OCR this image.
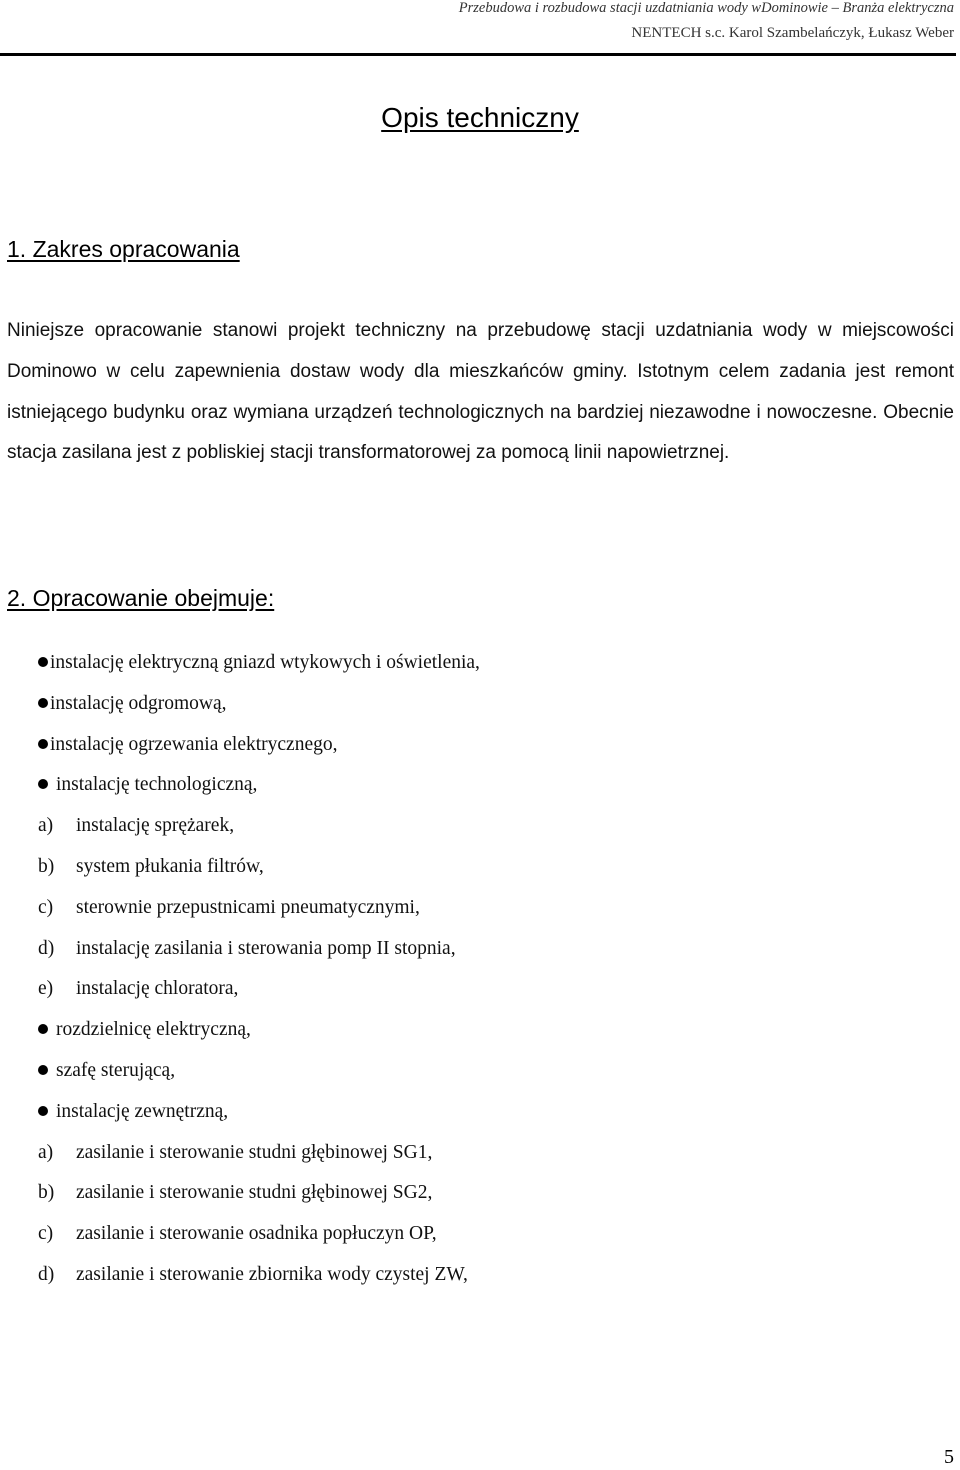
Przebudowa i rozbudowa stacji uzdatniania wody wDominowie – Branża elektryczna
NENTECH s.c. Karol Szambelańczyk, Łukasz Weber
Opis techniczny
1. Zakres opracowania

Niniejsze opracowanie stanowi projekt techniczny na przebudowę stacji uzdatniania wody w miejscowości Dominowo w celu zapewnienia dostaw wody dla mieszkańców gminy. Istotnym celem zadania jest remont istniejącego budynku oraz wymiana urządzeń technologicznych na bardziej niezawodne i nowoczesne. Obecnie stacja zasilana jest z pobliskiej stacji transformatorowej za pomocą linii napowietrznej.

2. Opracowanie obejmuje:
instalację elektryczną gniazd wtykowych i oświetlenia,
instalację odgromową,
instalację ogrzewania elektrycznego,
instalację technologiczną,
a) instalację sprężarek,
b) system płukania filtrów,
c) sterownie przepustnicami pneumatycznymi,
d) instalację zasilania i sterowania pomp II stopnia,
e) instalację chloratora,
rozdzielnicę elektryczną,
szafę sterującą,
instalację zewnętrzną,
a) zasilanie i sterowanie studni głębinowej SG1,
b) zasilanie i sterowanie studni głębinowej SG2,
c) zasilanie i sterowanie osadnika popłuczyn OP,
d) zasilanie i sterowanie zbiornika wody czystej ZW,
5
